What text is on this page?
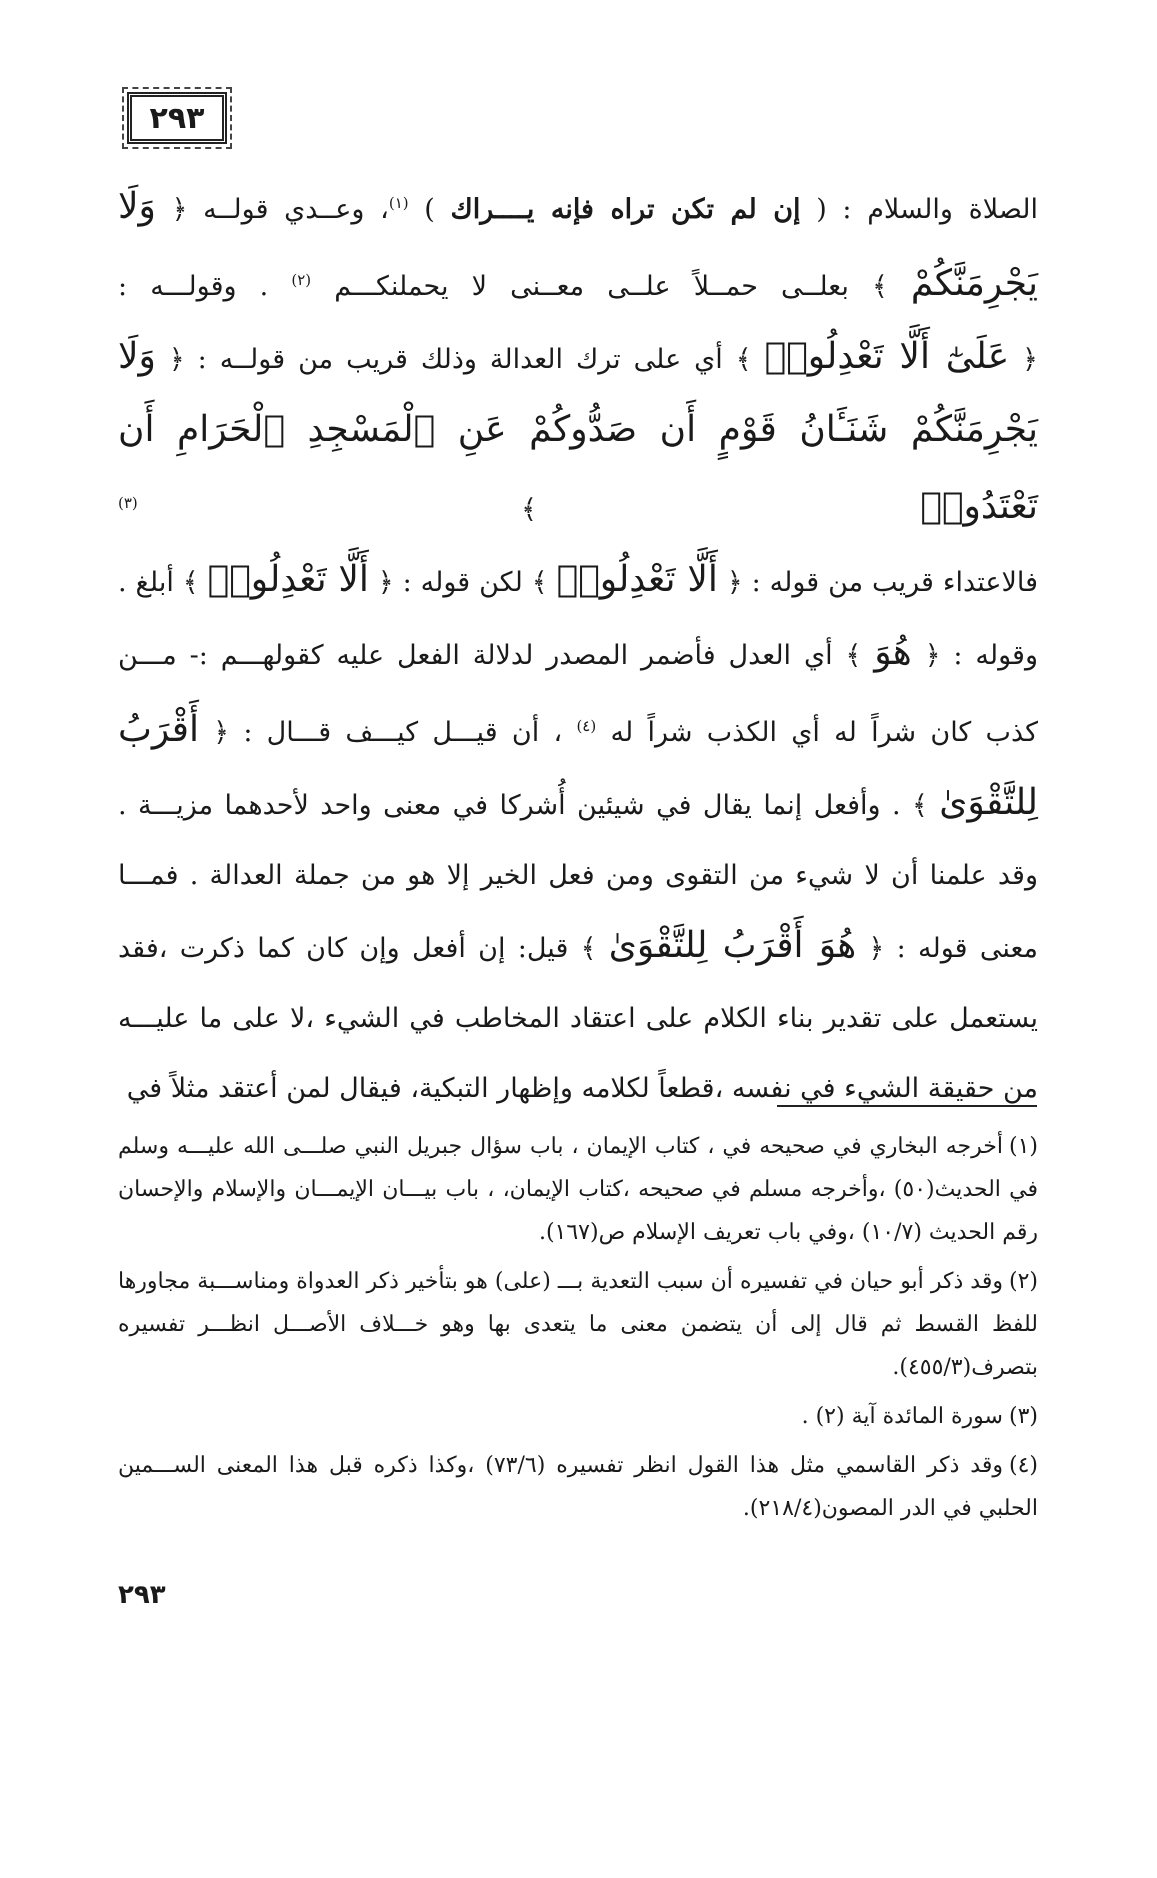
٢٩٣

الصلاة والسلام : ( إن لم تكن تراه فإنه يــــراك ) $^{(١)}$، وعــدي قولــه ﴿ وَلَا

يَجْرِمَنَّكُمْ ﴾ بعلــى حمــلاً علــى معــنى لا يحملنكـــم $^{(٢)}$ . وقولـــه :

﴿ عَلَىٰٓ أَلَّا تَعْدِلُوا۟ ﴾ أي على ترك العدالة وذلك قريب من قولــه : ﴿ وَلَا

يَجْرِمَنَّكُمْ شَنَـَٔانُ قَوْمٍ أَن صَدُّوكُمْ عَنِ ٱلْمَسْجِدِ ٱلْحَرَامِ أَن تَعْتَدُوا۟ ﴾ $^{(٣)}$

فالاعتداء قريب من قوله : ﴿ أَلَّا تَعْدِلُوا۟ ﴾ لكن قوله : ﴿ أَلَّا تَعْدِلُوا۟ ﴾ أبلغ .

وقوله : ﴿ هُوَ ﴾ أي العدل فأضمر المصدر لدلالة الفعل عليه كقولهـــم :- مـــن

كذب كان شراً له أي الكذب شراً له $^{(٤)}$ ، أن قيـــل كيـــف قـــال : ﴿ أَقْرَبُ

لِلتَّقْوَىٰ ﴾ . وأفعل إنما يقال في شيئين أُشركا في معنى واحد لأحدهما مزيـــة .

وقد علمنا أن لا شيء من التقوى ومن فعل الخير إلا هو من جملة العدالة . فمـــا

معنى قوله : ﴿ هُوَ أَقْرَبُ لِلتَّقْوَىٰ ﴾ قيل: إن أفعل وإن كان كما ذكرت ،فقد

يستعمل على تقدير بناء الكلام على اعتقاد المخاطب في الشيء ،لا على ما عليـــه

من حقيقة الشيء في نفسه ،قطعاً لكلامه وإظهار التبكية، فيقال لمن أعتقد مثلاً في

(١)أخرجه البخاري في صحيحه في ، كتاب الإيمان ، باب سؤال جبريل النبي صلـــى الله عليـــه وسلم في الحديث(٥٠) ،وأخرجه مسلم في صحيحه ،كتاب الإيمان، ، باب بيـــان الإيمـــان والإسلام والإحسان رقم الحديث (١٠/٧) ،وفي باب تعريف الإسلام ص(١٦٧).

(٢)وقد ذكر أبو حيان في تفسيره أن سبب التعدية بـــ (على) هو بتأخير ذكر العدواة ومناســـبة مجاورها للفظ القسط ثم قال إلى أن يتضمن معنى ما يتعدى بها وهو خـــلاف الأصـــل انظـــر تفسيره بتصرف(٤٥٥/٣).

(٣)سورة المائدة آية (٢) .

(٤)وقد ذكر القاسمي مثل هذا القول انظر تفسيره (٧٣/٦) ،وكذا ذكره قبل هذا المعنى الســـمين الحلبي في الدر المصون(٢١٨/٤).

٢٩٣
